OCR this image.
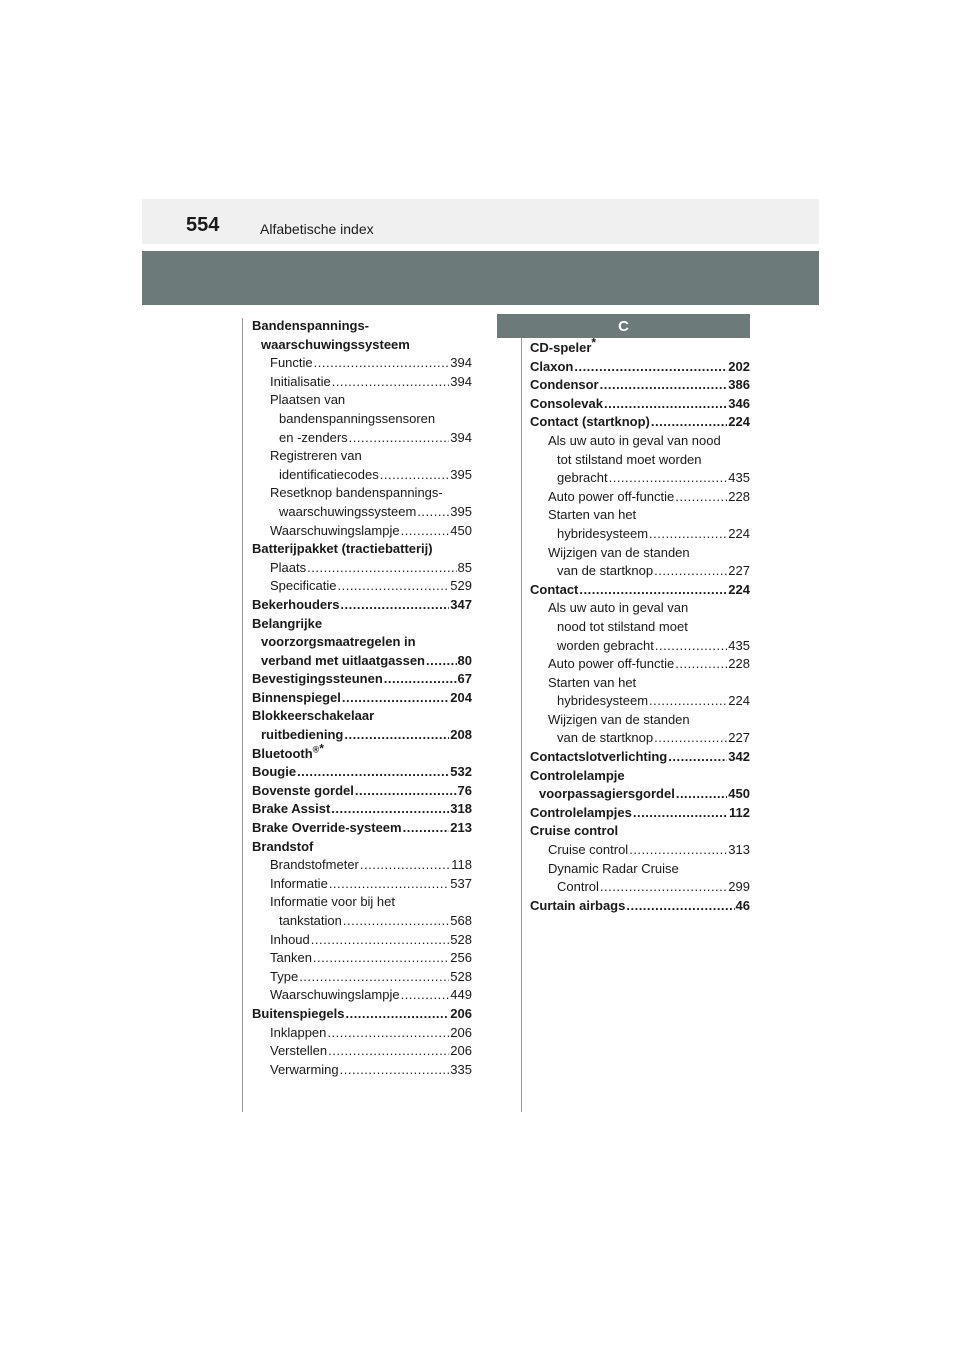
554	Alfabetische index
C
Bandenspannings-
waarschuwingssysteem
Functie .....	394
Initialisatie .....	394
Plaatsen van
bandenspanningssensoren
en -zenders .....	394
Registreren van
identificatiecodes .....	395
Resetknop bandenspannings-
waarschuwingssysteem .....	395
Waarschuwingslampje .....	450
Batterijpakket (tractiebatterij)
Plaats .....	85
Specificatie .....	529
Bekerhouders .....	347
Belangrijke
voorzorgsmaatregelen in
verband met uitlaatgassen .....	80
Bevestigingssteunen .....	67
Binnenspiegel .....	204
Blokkeerschakelaar
ruitbediening .....	208
Bluetooth®*
Bougie .....	532
Bovenste gordel .....	76
Brake Assist .....	318
Brake Override-systeem .....	213
Brandstof
Brandstofmeter .....	118
Informatie .....	537
Informatie voor bij het
tankstation .....	568
Inhoud .....	528
Tanken .....	256
Type .....	528
Waarschuwingslampje .....	449
Buitenspiegels .....	206
Inklappen .....	206
Verstellen .....	206
Verwarming .....	335
CD-speler*
Claxon .....	202
Condensor .....	386
Consolevak .....	346
Contact (startknop) .....	224
Als uw auto in geval van nood
tot stilstand moet worden
gebracht .....	435
Auto power off-functie .....	228
Starten van het
hybridesysteem .....	224
Wijzigen van de standen
van de startknop .....	227
Contact .....	224
Als uw auto in geval van
nood tot stilstand moet
worden gebracht .....	435
Auto power off-functie .....	228
Starten van het
hybridesysteem .....	224
Wijzigen van de standen
van de startknop .....	227
Contactslotverlichting .....	342
Controlelampje
voorpassagiersgordel .....	450
Controlelampjes .....	112
Cruise control
Cruise control .....	313
Dynamic Radar Cruise
Control .....	299
Curtain airbags .....	46
